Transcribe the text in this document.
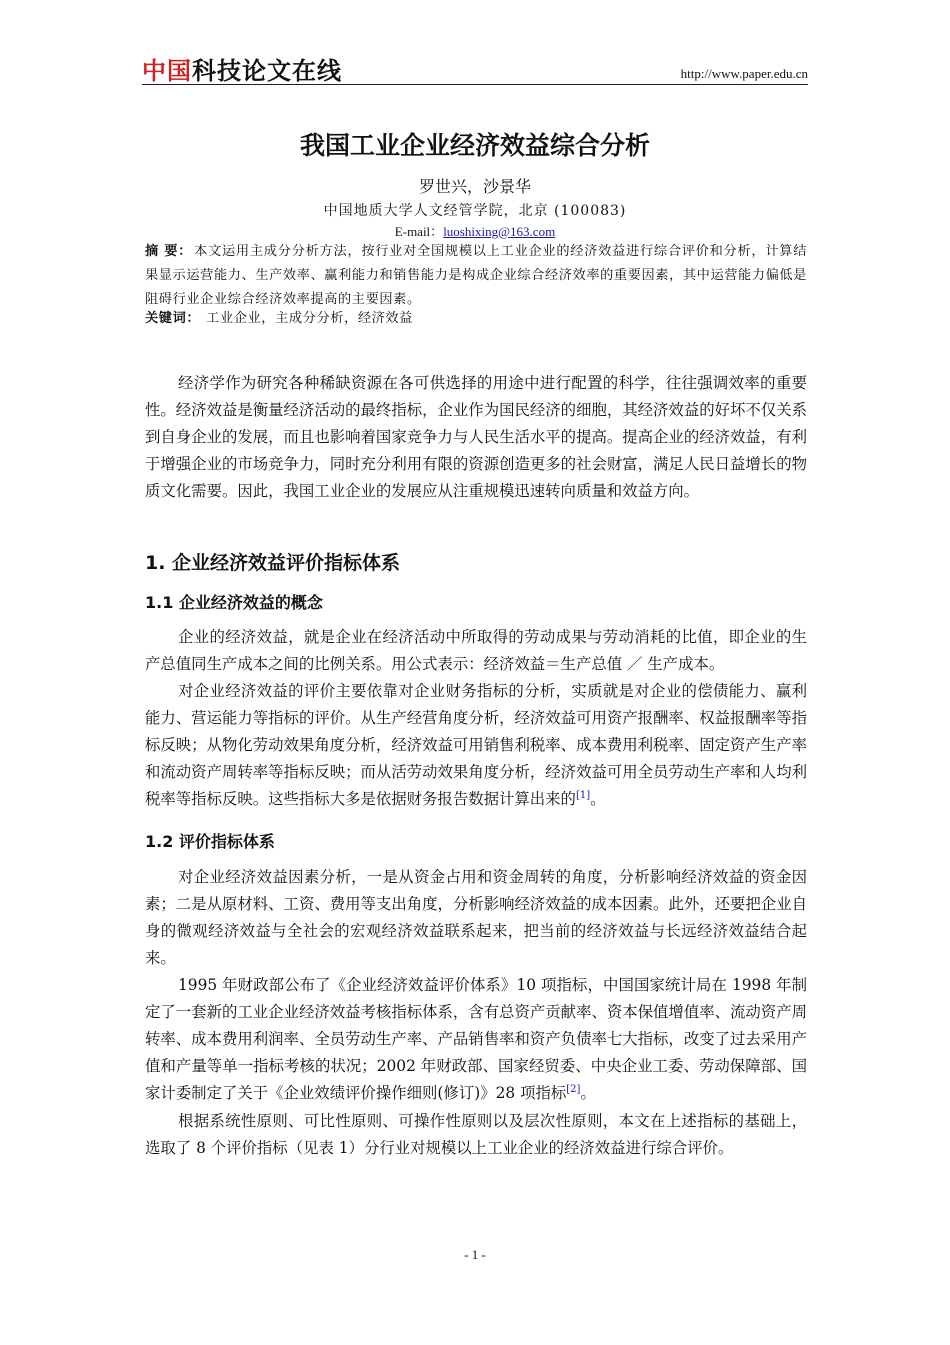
中国科技论文在线	http://www.paper.edu.cn
我国工业企业经济效益综合分析
罗世兴，沙景华
中国地质大学人文经管学院，北京 (100083)
E-mail：luoshixing@163.com
摘 要： 本文运用主成分分析方法，按行业对全国规模以上工业企业的经济效益进行综合评价和分析，计算结果显示运营能力、生产效率、赢利能力和销售能力是构成企业综合经济效率的重要因素，其中运营能力偏低是阻碍行业企业综合经济效率提高的主要因素。
关键词： 工业企业，主成分分析，经济效益

经济学作为研究各种稀缺资源在各可供选择的用途中进行配置的科学，往往强调效率的重要性。经济效益是衡量经济活动的最终指标，企业作为国民经济的细胞，其经济效益的好坏不仅关系到自身企业的发展，而且也影响着国家竞争力与人民生活水平的提高。提高企业的经济效益，有利于增强企业的市场竞争力，同时充分利用有限的资源创造更多的社会财富，满足人民日益增长的物质文化需要。因此，我国工业企业的发展应从注重规模迅速转向质量和效益方向。

1. 企业经济效益评价指标体系
1.1 企业经济效益的概念

企业的经济效益，就是企业在经济活动中所取得的劳动成果与劳动消耗的比值，即企业的生产总值同生产成本之间的比例关系。用公式表示：经济效益＝生产总值 ／ 生产成本。

对企业经济效益的评价主要依靠对企业财务指标的分析，实质就是对企业的偿债能力、赢利能力、营运能力等指标的评价。从生产经营角度分析，经济效益可用资产报酬率、权益报酬率等指标反映；从物化劳动效果角度分析，经济效益可用销售利税率、成本费用利税率、固定资产生产率和流动资产周转率等指标反映；而从活劳动效果角度分析，经济效益可用全员劳动生产率和人均利税率等指标反映。这些指标大多是依据财务报告数据计算出来的[1]。

1.2 评价指标体系

对企业经济效益因素分析，一是从资金占用和资金周转的角度，分析影响经济效益的资金因素；二是从原材料、工资、费用等支出角度，分析影响经济效益的成本因素。此外，还要把企业自身的微观经济效益与全社会的宏观经济效益联系起来，把当前的经济效益与长远经济效益结合起来。

1995 年财政部公布了《企业经济效益评价体系》10 项指标，中国国家统计局在 1998 年制定了一套新的工业企业经济效益考核指标体系，含有总资产贡献率、资本保值增值率、流动资产周转率、成本费用利润率、全员劳动生产率、产品销售率和资产负债率七大指标，改变了过去采用产值和产量等单一指标考核的状况；2002 年财政部、国家经贸委、中央企业工委、劳动保障部、国家计委制定了关于《企业效绩评价操作细则(修订)》28 项指标[2]。

根据系统性原则、可比性原则、可操作性原则以及层次性原则，本文在上述指标的基础上，选取了 8 个评价指标（见表 1）分行业对规模以上工业企业的经济效益进行综合评价。

- 1 -
